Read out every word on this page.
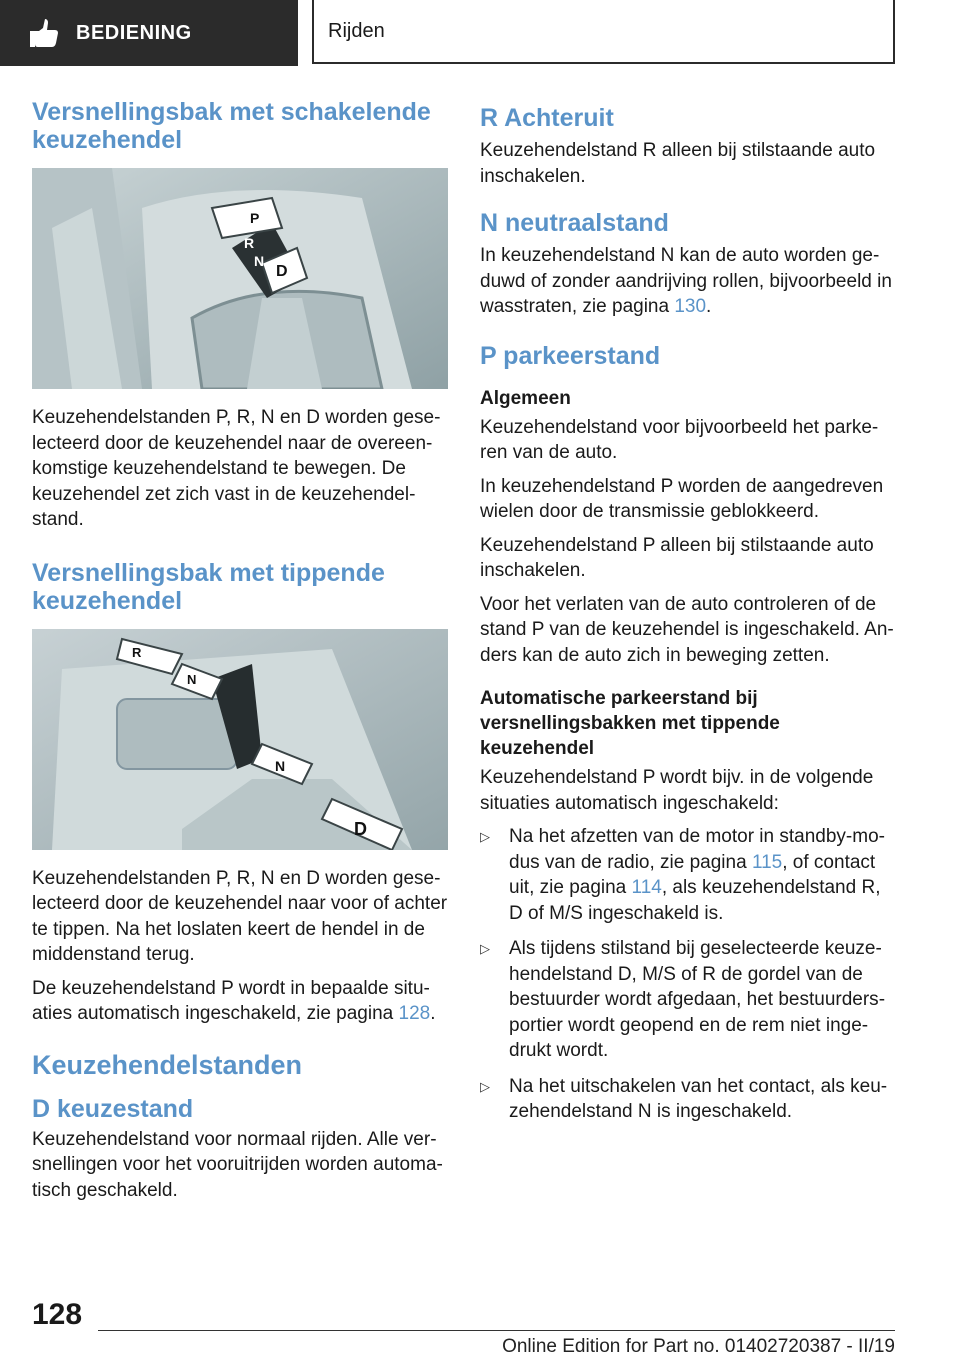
BEDIENING	Rijden
Versnellingsbak met schakelende keuzehendel
P
R
N
D

Keuzehendelstanden P, R, N en D worden geselecteerd door de keuzehendel naar de overeenkomstige keuzehendelstand te bewegen. De keuzehendel zet zich vast in de keuzehendelstand.

Versnellingsbak met tippende keuzehendel
R
N
N
D

Keuzehendelstanden P, R, N en D worden geselecteerd door de keuzehendel naar voor of achter te tippen. Na het loslaten keert de hendel in de middenstand terug.

De keuzehendelstand P wordt in bepaalde situaties automatisch ingeschakeld, zie pagina 128.

Keuzehendelstanden
D keuzestand

Keuzehendelstand voor normaal rijden. Alle versnellingen voor het vooruitrijden worden automatisch geschakeld.

R Achteruit

Keuzehendelstand R alleen bij stilstaande auto inschakelen.

N neutraalstand

In keuzehendelstand N kan de auto worden geduwd of zonder aandrijving rollen, bijvoorbeeld in wasstraten, zie pagina 130.

P parkeerstand
Algemeen

Keuzehendelstand voor bijvoorbeeld het parkeren van de auto.

In keuzehendelstand P worden de aangedreven wielen door de transmissie geblokkeerd.

Keuzehendelstand P alleen bij stilstaande auto inschakelen.

Voor het verlaten van de auto controleren of de stand P van de keuzehendel is ingeschakeld. Anders kan de auto zich in beweging zetten.

Automatische parkeerstand bij versnellingsbakken met tippende keuzehendel

Keuzehendelstand P wordt bijv. in de volgende situaties automatisch ingeschakeld:

▷ Na het afzetten van de motor in standby-modus van de radio, zie pagina 115, of contact uit, zie pagina 114, als keuzehendelstand R, D of M/S ingeschakeld is.
▷ Als tijdens stilstand bij geselecteerde keuzehendelstand D, M/S of R de gordel van de bestuurder wordt afgedaan, het bestuurdersportier wordt geopend en de rem niet ingedrukt wordt.
▷ Na het uitschakelen van het contact, als keuzehendelstand N is ingeschakeld.
128
Online Edition for Part no. 01402720387 - II/19
